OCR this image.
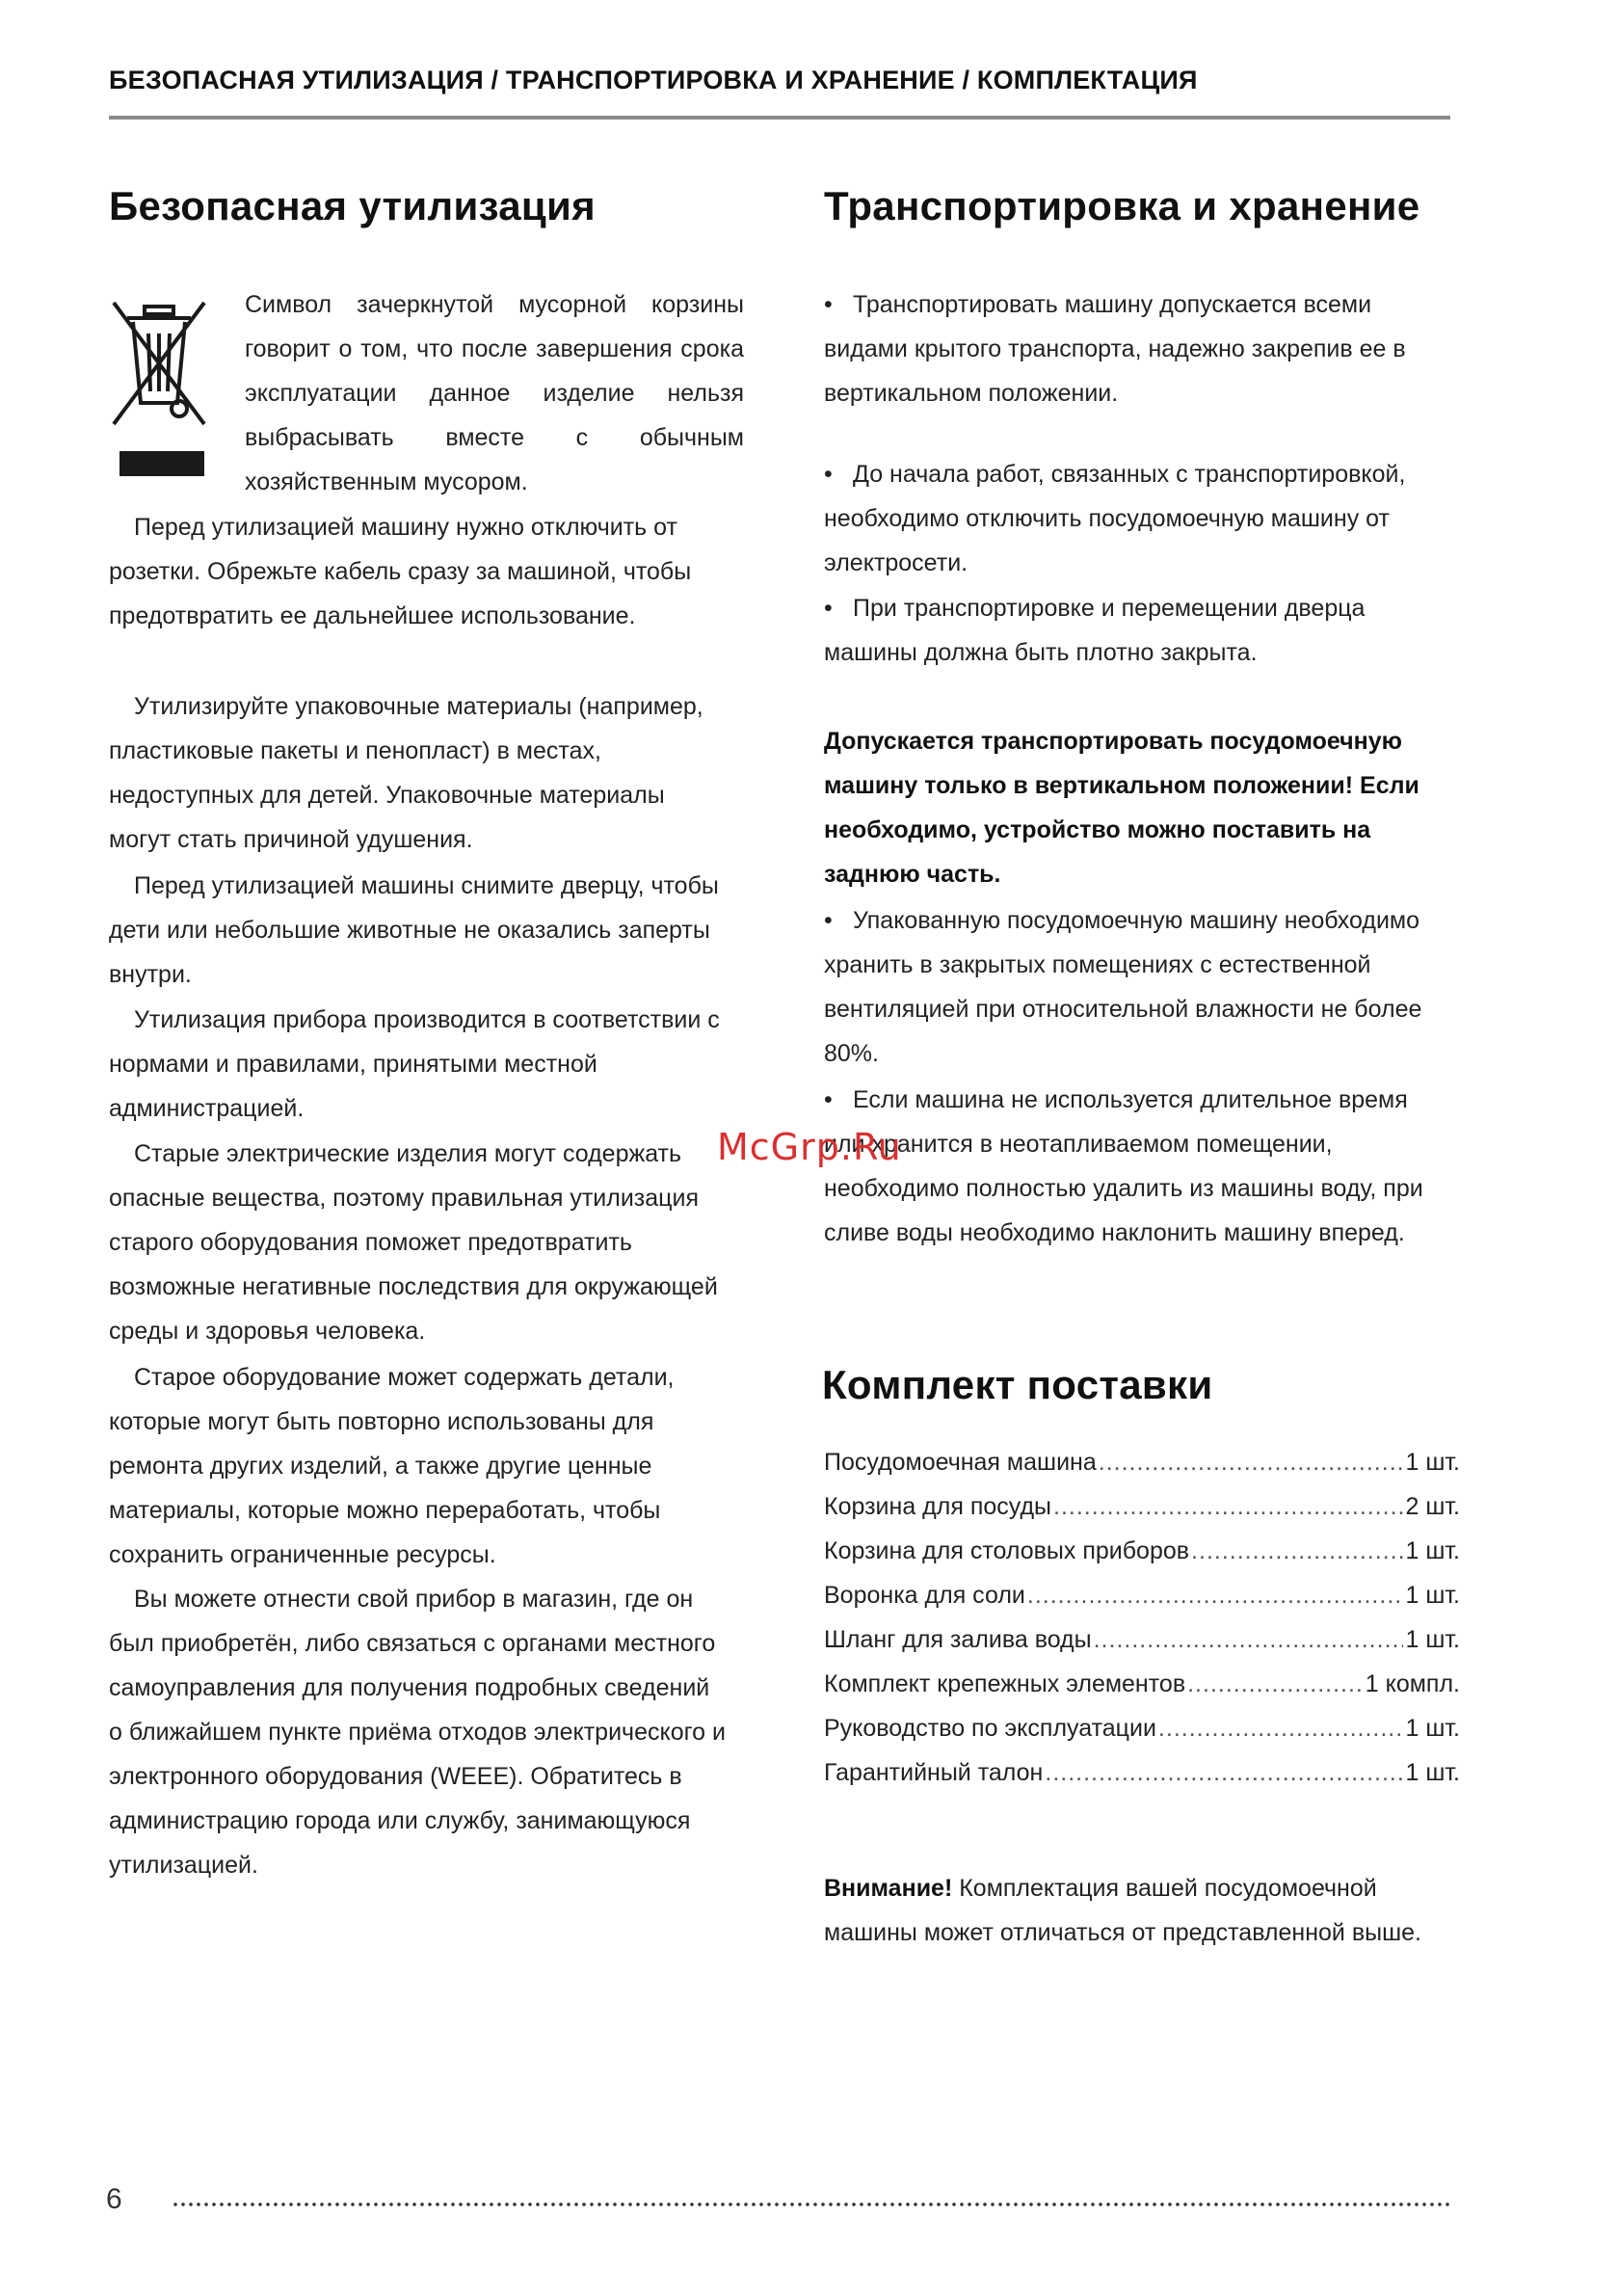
БЕЗОПАСНАЯ УТИЛИЗАЦИЯ / ТРАНСПОРТИРОВКА И ХРАНЕНИЕ / КОМПЛЕКТАЦИЯ
Безопасная утилизация

Символ зачеркнутой мусорной корзины говорит о том, что после завершения срока эксплуатации данное изделие нельзя выбрасывать вместе с обычным хозяйственным мусором.

Перед утилизацией машину нужно отключить от розетки. Обрежьте кабель сразу за машиной, чтобы предотвратить ее дальнейшее использование.

Утилизируйте упаковочные материалы (например, пластиковые пакеты и пенопласт) в местах, недоступных для детей. Упаковочные материалы могут стать причиной удушения.

Перед утилизацией машины снимите дверцу, чтобы дети или небольшие животные не оказались заперты внутри.

Утилизация прибора производится в соответствии с нормами и правилами, принятыми местной администрацией.

Старые электрические изделия могут содержать опасные вещества, поэтому правильная утилизация старого оборудования поможет предотвратить возможные негативные последствия для окружающей среды и здоровья человека.

Старое оборудование может содержать детали, которые могут быть повторно использованы для ремонта других изделий, а также другие ценные материалы, которые можно переработать, чтобы сохранить ограниченные ресурсы.

Вы можете отнести свой прибор в магазин, где он был приобретён, либо связаться с органами местного самоуправления для получения подробных сведений о ближайшем пункте приёма отходов электрического и электронного оборудования (WEEE). Обратитесь в администрацию города или службу, занимающуюся утилизацией.

Транспортировка и хранение

• Транспортировать машину допускается всеми видами крытого транспорта, надежно закрепив ее в вертикальном положении.

• До начала работ, связанных с транспортировкой, необходимо отключить посудомоечную машину от электросети.

• При транспортировке и перемещении дверца машины должна быть плотно закрыта.

Допускается транспортировать посудомоечную машину только в вертикальном положении! Если необходимо, устройство можно поставить на заднюю часть.

• Упакованную посудомоечную машину необходимо хранить в закрытых помещениях с естественной вентиляцией при относительной влажности не более 80%.

• Если машина не используется длительное время или хранится в неотапливаемом помещении, необходимо полностью удалить из машины воду, при сливе воды необходимо наклонить машину вперед.

Комплект поставки
Посудомоечная машина .....	1 шт.
Корзина для посуды .....	2 шт.
Корзина для столовых приборов .....	1 шт.
Воронка для соли .....	1 шт.
Шланг для залива воды .....	1 шт.
Комплект крепежных элементов .....	1 компл.
Руководство по эксплуатации .....	1 шт.
Гарантийный талон .....	1 шт.

Внимание! Комплектация вашей посудомоечной машины может отличаться от представленной выше.

McGrp.Ru
6
